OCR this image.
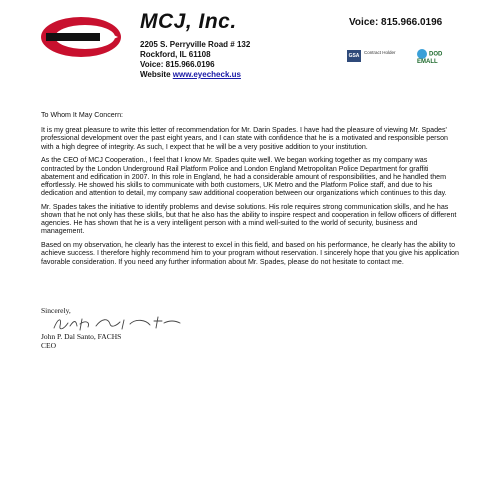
MCJ, Inc.	Voice: 815.966.0196
2205 S. Perryville Road # 132
Rockford, IL 61108
Voice: 815.966.0196
Website www.eyecheck.us
GSA
Contract Holder	DOD EMALL

To Whom It May Concern:

It is my great pleasure to write this letter of recommendation for Mr. Darin Spades. I have had the pleasure of viewing Mr. Spades' professional development over the past eight years, and I can state with confidence that he is a motivated and responsible person with a high degree of integrity. As such, I expect that he will be a very positive addition to your institution.

As the CEO of MCJ Cooperation., I feel that I know Mr. Spades quite well. We began working together as my company was contracted by the London Underground Rail Platform Police and London England Metropolitan Police Department for graffiti abatement and edification in 2007. In this role in England, he had a considerable amount of responsibilities, and he handled them effortlessly. He showed his skills to communicate with both customers, UK Metro and the Platform Police staff, and due to his dedication and attention to detail, my company saw additional cooperation between our organizations which continues to this day.

Mr. Spades takes the initiative to identify problems and devise solutions. His role requires strong communication skills, and he has shown that he not only has these skills, but that he also has the ability to inspire respect and cooperation in fellow officers of different agencies. He has shown that he is a very intelligent person with a mind well-suited to the world of security, business and management.

Based on my observation, he clearly has the interest to excel in this field, and based on his performance, he clearly has the ability to achieve success. I therefore highly recommend him to your program without reservation. I sincerely hope that you give his application favorable consideration. If you need any further information about Mr. Spades, please do not hesitate to contact me.

Sincerely,
John P. Dal Santo, FACHS
CEO
